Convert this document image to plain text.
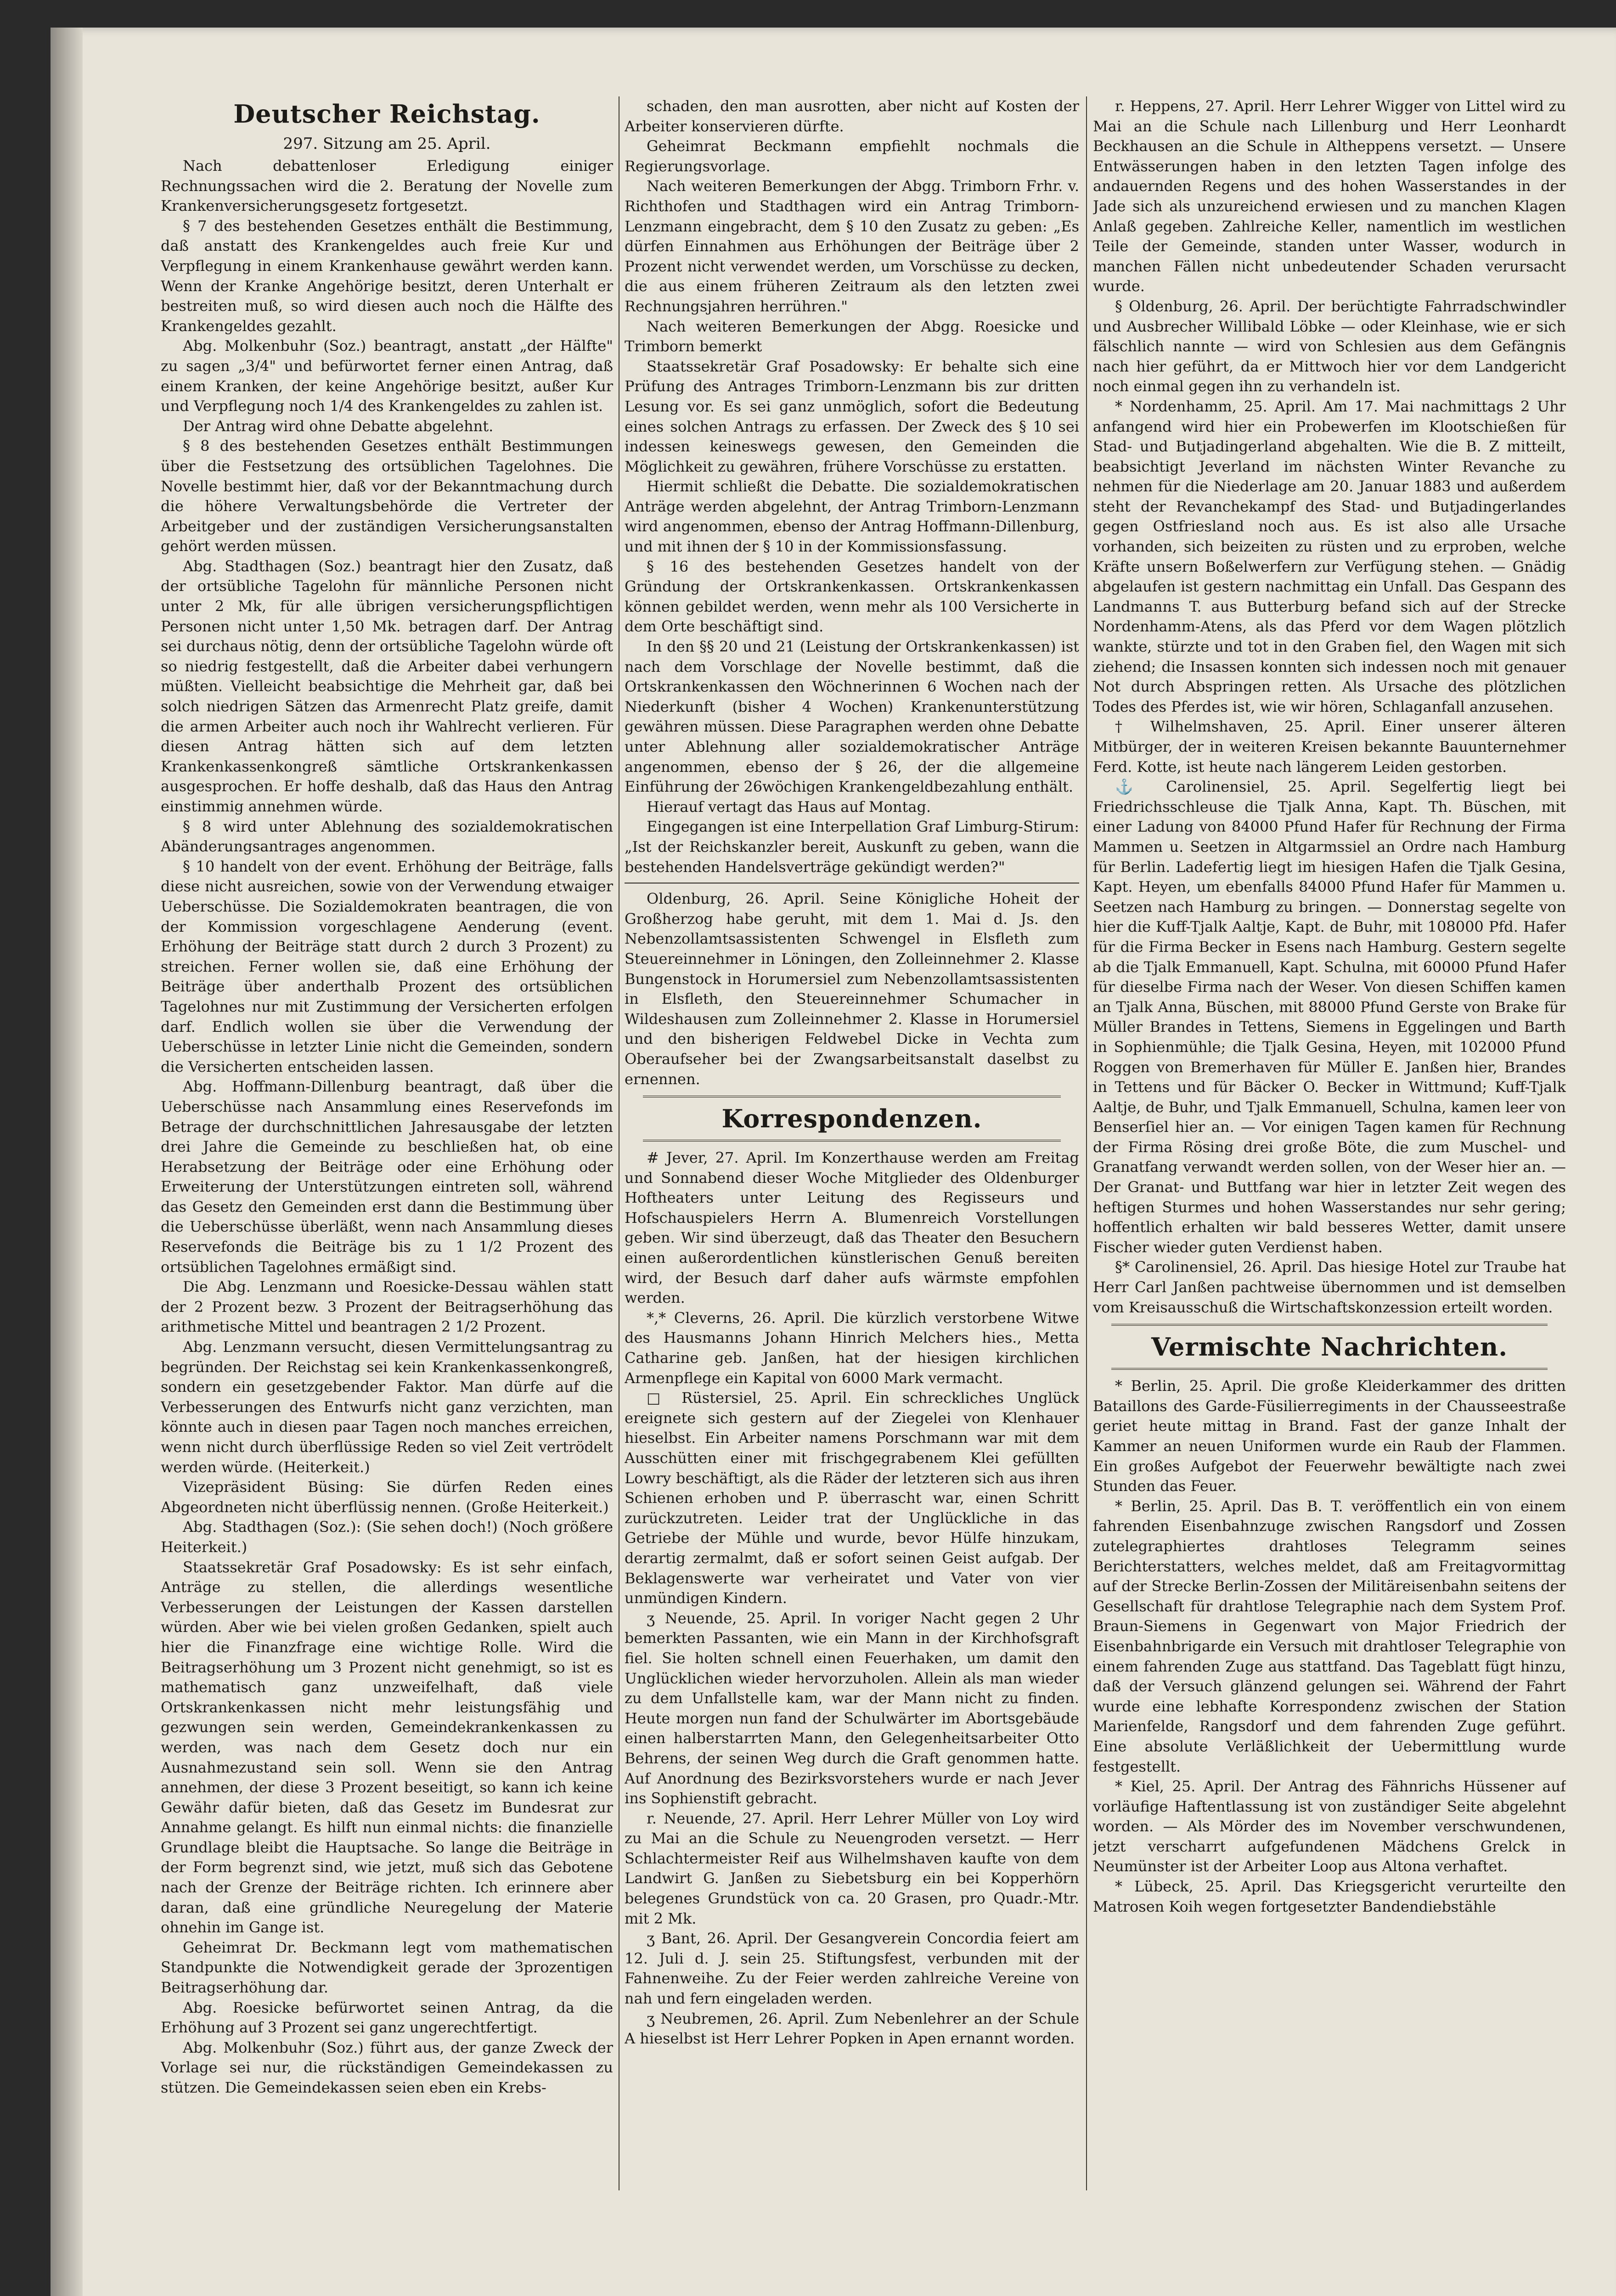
Deutscher Reichstag.
297. Sitzung am 25. April.

Nach debattenloser Erledigung einiger Rechnungssachen wird die 2. Beratung der Novelle zum Krankenversicherungsgesetz fortgesetzt.

§ 7 des bestehenden Gesetzes enthält die Bestimmung, daß anstatt des Krankengeldes auch freie Kur und Verpflegung in einem Krankenhause gewährt werden kann. Wenn der Kranke Angehörige besitzt, deren Unterhalt er bestreiten muß, so wird diesen auch noch die Hälfte des Krankengeldes gezahlt.

Abg. Molkenbuhr (Soz.) beantragt, anstatt „der Hälfte" zu sagen „3/4" und befürwortet ferner einen Antrag, daß einem Kranken, der keine Angehörige besitzt, außer Kur und Verpflegung noch 1/4 des Krankengeldes zu zahlen ist.

Der Antrag wird ohne Debatte abgelehnt.

§ 8 des bestehenden Gesetzes enthält Bestimmungen über die Festsetzung des ortsüblichen Tagelohnes. Die Novelle bestimmt hier, daß vor der Bekanntmachung durch die höhere Verwaltungsbehörde die Vertreter der Arbeitgeber und der zuständigen Versicherungsanstalten gehört werden müssen.

Abg. Stadthagen (Soz.) beantragt hier den Zusatz, daß der ortsübliche Tagelohn für männliche Personen nicht unter 2 Mk, für alle übrigen versicherungspflichtigen Personen nicht unter 1,50 Mk. betragen darf. Der Antrag sei durchaus nötig, denn der ortsübliche Tagelohn würde oft so niedrig festgestellt, daß die Arbeiter dabei verhungern müßten. Vielleicht beabsichtige die Mehrheit gar, daß bei solch niedrigen Sätzen das Armenrecht Platz greife, damit die armen Arbeiter auch noch ihr Wahlrecht verlieren. Für diesen Antrag hätten sich auf dem letzten Krankenkassenkongreß sämtliche Ortskrankenkassen ausgesprochen. Er hoffe deshalb, daß das Haus den Antrag einstimmig annehmen würde.

§ 8 wird unter Ablehnung des sozialdemokratischen Abänderungsantrages angenommen.

§ 10 handelt von der event. Erhöhung der Beiträge, falls diese nicht ausreichen, sowie von der Verwendung etwaiger Ueberschüsse. Die Sozialdemokraten beantragen, die von der Kommission vorgeschlagene Aenderung (event. Erhöhung der Beiträge statt durch 2 durch 3 Prozent) zu streichen. Ferner wollen sie, daß eine Erhöhung der Beiträge über anderthalb Prozent des ortsüblichen Tagelohnes nur mit Zustimmung der Versicherten erfolgen darf. Endlich wollen sie über die Verwendung der Ueberschüsse in letzter Linie nicht die Gemeinden, sondern die Versicherten entscheiden lassen.

Abg. Hoffmann-Dillenburg beantragt, daß über die Ueberschüsse nach Ansammlung eines Reservefonds im Betrage der durchschnittlichen Jahresausgabe der letzten drei Jahre die Gemeinde zu beschließen hat, ob eine Herabsetzung der Beiträge oder eine Erhöhung oder Erweiterung der Unterstützungen eintreten soll, während das Gesetz den Gemeinden erst dann die Bestimmung über die Ueberschüsse überläßt, wenn nach Ansammlung dieses Reservefonds die Beiträge bis zu 1 1/2 Prozent des ortsüblichen Tagelohnes ermäßigt sind.

Die Abg. Lenzmann und Roesicke-Dessau wählen statt der 2 Prozent bezw. 3 Prozent der Beitragserhöhung das arithmetische Mittel und beantragen 2 1/2 Prozent.

Abg. Lenzmann versucht, diesen Vermittelungsantrag zu begründen. Der Reichstag sei kein Krankenkassenkongreß, sondern ein gesetzgebender Faktor. Man dürfe auf die Verbesserungen des Entwurfs nicht ganz verzichten, man könnte auch in diesen paar Tagen noch manches erreichen, wenn nicht durch überflüssige Reden so viel Zeit vertrödelt werden würde. (Heiterkeit.)

Vizepräsident Büsing: Sie dürfen Reden eines Abgeordneten nicht überflüssig nennen. (Große Heiterkeit.)

Abg. Stadthagen (Soz.): (Sie sehen doch!) (Noch größere Heiterkeit.)

Staatssekretär Graf Posadowsky: Es ist sehr einfach, Anträge zu stellen, die allerdings wesentliche Verbesserungen der Leistungen der Kassen darstellen würden. Aber wie bei vielen großen Gedanken, spielt auch hier die Finanzfrage eine wichtige Rolle. Wird die Beitragserhöhung um 3 Prozent nicht genehmigt, so ist es mathematisch ganz unzweifelhaft, daß viele Ortskrankenkassen nicht mehr leistungsfähig und gezwungen sein werden, Gemeindekrankenkassen zu werden, was nach dem Gesetz doch nur ein Ausnahmezustand sein soll. Wenn sie den Antrag annehmen, der diese 3 Prozent beseitigt, so kann ich keine Gewähr dafür bieten, daß das Gesetz im Bundesrat zur Annahme gelangt. Es hilft nun einmal nichts: die finanzielle Grundlage bleibt die Hauptsache. So lange die Beiträge in der Form begrenzt sind, wie jetzt, muß sich das Gebotene nach der Grenze der Beiträge richten. Ich erinnere aber daran, daß eine gründliche Neuregelung der Materie ohnehin im Gange ist.

Geheimrat Dr. Beckmann legt vom mathematischen Standpunkte die Notwendigkeit gerade der 3prozentigen Beitragserhöhung dar.

Abg. Roesicke befürwortet seinen Antrag, da die Erhöhung auf 3 Prozent sei ganz ungerechtfertigt.

Abg. Molkenbuhr (Soz.) führt aus, der ganze Zweck der Vorlage sei nur, die rückständigen Gemeindekassen zu stützen. Die Gemeindekassen seien eben ein Krebs-

schaden, den man ausrotten, aber nicht auf Kosten der Arbeiter konservieren dürfte.

Geheimrat Beckmann empfiehlt nochmals die Regierungsvorlage.

Nach weiteren Bemerkungen der Abgg. Trimborn Frhr. v. Richthofen und Stadthagen wird ein Antrag Trimborn-Lenzmann eingebracht, dem § 10 den Zusatz zu geben: „Es dürfen Einnahmen aus Erhöhungen der Beiträge über 2 Prozent nicht verwendet werden, um Vorschüsse zu decken, die aus einem früheren Zeitraum als den letzten zwei Rechnungsjahren herrühren."

Nach weiteren Bemerkungen der Abgg. Roesicke und Trimborn bemerkt

Staatssekretär Graf Posadowsky: Er behalte sich eine Prüfung des Antrages Trimborn-Lenzmann bis zur dritten Lesung vor. Es sei ganz unmöglich, sofort die Bedeutung eines solchen Antrags zu erfassen. Der Zweck des § 10 sei indessen keineswegs gewesen, den Gemeinden die Möglichkeit zu gewähren, frühere Vorschüsse zu erstatten.

Hiermit schließt die Debatte. Die sozialdemokratischen Anträge werden abgelehnt, der Antrag Trimborn-Lenzmann wird angenommen, ebenso der Antrag Hoffmann-Dillenburg, und mit ihnen der § 10 in der Kommissionsfassung.

§ 16 des bestehenden Gesetzes handelt von der Gründung der Ortskrankenkassen. Ortskrankenkassen können gebildet werden, wenn mehr als 100 Versicherte in dem Orte beschäftigt sind.

In den §§ 20 und 21 (Leistung der Ortskrankenkassen) ist nach dem Vorschlage der Novelle bestimmt, daß die Ortskrankenkassen den Wöchnerinnen 6 Wochen nach der Niederkunft (bisher 4 Wochen) Krankenunterstützung gewähren müssen. Diese Paragraphen werden ohne Debatte unter Ablehnung aller sozialdemokratischer Anträge angenommen, ebenso der § 26, der die allgemeine Einführung der 26wöchigen Krankengeldbezahlung enthält.

Hierauf vertagt das Haus auf Montag.

Eingegangen ist eine Interpellation Graf Limburg-Stirum: „Ist der Reichskanzler bereit, Auskunft zu geben, wann die bestehenden Handelsverträge gekündigt werden?"

Oldenburg, 26. April. Seine Königliche Hoheit der Großherzog habe geruht, mit dem 1. Mai d. Js. den Nebenzollamtsassistenten Schwengel in Elsfleth zum Steuereinnehmer in Löningen, den Zolleinnehmer 2. Klasse Bungenstock in Horumersiel zum Nebenzollamtsassistenten in Elsfleth, den Steuereinnehmer Schumacher in Wildeshausen zum Zolleinnehmer 2. Klasse in Horumersiel und den bisherigen Feldwebel Dicke in Vechta zum Oberaufseher bei der Zwangsarbeitsanstalt daselbst zu ernennen.

Korrespondenzen.

# Jever, 27. April. Im Konzerthause werden am Freitag und Sonnabend dieser Woche Mitglieder des Oldenburger Hoftheaters unter Leitung des Regisseurs und Hofschauspielers Herrn A. Blumenreich Vorstellungen geben. Wir sind überzeugt, daß das Theater den Besuchern einen außerordentlichen künstlerischen Genuß bereiten wird, der Besuch darf daher aufs wärmste empfohlen werden.

*,* Cleverns, 26. April. Die kürzlich verstorbene Witwe des Hausmanns Johann Hinrich Melchers hies., Metta Catharine geb. Janßen, hat der hiesigen kirchlichen Armenpflege ein Kapital von 6000 Mark vermacht.

□ Rüstersiel, 25. April. Ein schreckliches Unglück ereignete sich gestern auf der Ziegelei von Klenhauer hieselbst. Ein Arbeiter namens Porschmann war mit dem Ausschütten einer mit frischgegrabenem Klei gefüllten Lowry beschäftigt, als die Räder der letzteren sich aus ihren Schienen erhoben und P. überrascht war, einen Schritt zurückzutreten. Leider trat der Unglückliche in das Getriebe der Mühle und wurde, bevor Hülfe hinzukam, derartig zermalmt, daß er sofort seinen Geist aufgab. Der Beklagenswerte war verheiratet und Vater von vier unmündigen Kindern.

ʒ Neuende, 25. April. In voriger Nacht gegen 2 Uhr bemerkten Passanten, wie ein Mann in der Kirchhofsgraft fiel. Sie holten schnell einen Feuerhaken, um damit den Unglücklichen wieder hervorzuholen. Allein als man wieder zu dem Unfallstelle kam, war der Mann nicht zu finden. Heute morgen nun fand der Schulwärter im Abortsgebäude einen halberstarrten Mann, den Gelegenheitsarbeiter Otto Behrens, der seinen Weg durch die Graft genommen hatte. Auf Anordnung des Bezirksvorstehers wurde er nach Jever ins Sophienstift gebracht.

r. Neuende, 27. April. Herr Lehrer Müller von Loy wird zu Mai an die Schule zu Neuengroden versetzt. — Herr Schlachtermeister Reif aus Wilhelmshaven kaufte von dem Landwirt G. Janßen zu Siebetsburg ein bei Kopperhörn belegenes Grundstück von ca. 20 Grasen, pro Quadr.-Mtr. mit 2 Mk.

ʒ Bant, 26. April. Der Gesangverein Concordia feiert am 12. Juli d. J. sein 25. Stiftungsfest, verbunden mit der Fahnenweihe. Zu der Feier werden zahlreiche Vereine von nah und fern eingeladen werden.

ʒ Neubremen, 26. April. Zum Nebenlehrer an der Schule A hieselbst ist Herr Lehrer Popken in Apen ernannt worden.

r. Heppens, 27. April. Herr Lehrer Wigger von Littel wird zu Mai an die Schule nach Lillenburg und Herr Leonhardt Beckhausen an die Schule in Altheppens versetzt. — Unsere Entwässerungen haben in den letzten Tagen infolge des andauernden Regens und des hohen Wasserstandes in der Jade sich als unzureichend erwiesen und zu manchen Klagen Anlaß gegeben. Zahlreiche Keller, namentlich im westlichen Teile der Gemeinde, standen unter Wasser, wodurch in manchen Fällen nicht unbedeutender Schaden verursacht wurde.

§ Oldenburg, 26. April. Der berüchtigte Fahrradschwindler und Ausbrecher Willibald Löbke — oder Kleinhase, wie er sich fälschlich nannte — wird von Schlesien aus dem Gefängnis nach hier geführt, da er Mittwoch hier vor dem Landgericht noch einmal gegen ihn zu verhandeln ist.

* Nordenhamm, 25. April. Am 17. Mai nachmittags 2 Uhr anfangend wird hier ein Probewerfen im Klootschießen für Stad- und Butjadingerland abgehalten. Wie die B. Z mitteilt, beabsichtigt Jeverland im nächsten Winter Revanche zu nehmen für die Niederlage am 20. Januar 1883 und außerdem steht der Revanchekampf des Stad- und Butjadingerlandes gegen Ostfriesland noch aus. Es ist also alle Ursache vorhanden, sich beizeiten zu rüsten und zu erproben, welche Kräfte unsern Boßelwerfern zur Verfügung stehen. — Gnädig abgelaufen ist gestern nachmittag ein Unfall. Das Gespann des Landmanns T. aus Butterburg befand sich auf der Strecke Nordenhamm-Atens, als das Pferd vor dem Wagen plötzlich wankte, stürzte und tot in den Graben fiel, den Wagen mit sich ziehend; die Insassen konnten sich indessen noch mit genauer Not durch Abspringen retten. Als Ursache des plötzlichen Todes des Pferdes ist, wie wir hören, Schlaganfall anzusehen.

† Wilhelmshaven, 25. April. Einer unserer älteren Mitbürger, der in weiteren Kreisen bekannte Bauunternehmer Ferd. Kotte, ist heute nach längerem Leiden gestorben.

⚓ Carolinensiel, 25. April. Segelfertig liegt bei Friedrichsschleuse die Tjalk Anna, Kapt. Th. Büschen, mit einer Ladung von 84000 Pfund Hafer für Rechnung der Firma Mammen u. Seetzen in Altgarmssiel an Ordre nach Hamburg für Berlin. Ladefertig liegt im hiesigen Hafen die Tjalk Gesina, Kapt. Heyen, um ebenfalls 84000 Pfund Hafer für Mammen u. Seetzen nach Hamburg zu bringen. — Donnerstag segelte von hier die Kuff-Tjalk Aaltje, Kapt. de Buhr, mit 108000 Pfd. Hafer für die Firma Becker in Esens nach Hamburg. Gestern segelte ab die Tjalk Emmanuell, Kapt. Schulna, mit 60000 Pfund Hafer für dieselbe Firma nach der Weser. Von diesen Schiffen kamen an Tjalk Anna, Büschen, mit 88000 Pfund Gerste von Brake für Müller Brandes in Tettens, Siemens in Eggelingen und Barth in Sophienmühle; die Tjalk Gesina, Heyen, mit 102000 Pfund Roggen von Bremerhaven für Müller E. Janßen hier, Brandes in Tettens und für Bäcker O. Becker in Wittmund; Kuff-Tjalk Aaltje, de Buhr, und Tjalk Emmanuell, Schulna, kamen leer von Benserſiel hier an. — Vor einigen Tagen kamen für Rechnung der Firma Rösing drei große Böte, die zum Muschel- und Granatfang verwandt werden sollen, von der Weser hier an. — Der Granat- und Buttfang war hier in letzter Zeit wegen des heftigen Sturmes und hohen Wasserstandes nur sehr gering; hoffentlich erhalten wir bald besseres Wetter, damit unsere Fischer wieder guten Verdienst haben.

§* Carolinensiel, 26. April. Das hiesige Hotel zur Traube hat Herr Carl Janßen pachtweise übernommen und ist demselben vom Kreisausschuß die Wirtschaftskonzession erteilt worden.

Vermischte Nachrichten.

* Berlin, 25. April. Die große Kleiderkammer des dritten Bataillons des Garde-Füsilierregiments in der Chausseestraße geriet heute mittag in Brand. Fast der ganze Inhalt der Kammer an neuen Uniformen wurde ein Raub der Flammen. Ein großes Aufgebot der Feuerwehr bewältigte nach zwei Stunden das Feuer.

* Berlin, 25. April. Das B. T. veröffentlich ein von einem fahrenden Eisenbahnzuge zwischen Rangsdorf und Zossen zutelegraphiertes drahtloses Telegramm seines Berichterstatters, welches meldet, daß am Freitagvormittag auf der Strecke Berlin-Zossen der Militäreisenbahn seitens der Gesellschaft für drahtlose Telegraphie nach dem System Prof. Braun-Siemens in Gegenwart von Major Friedrich der Eisenbahnbrigarde ein Versuch mit drahtloser Telegraphie von einem fahrenden Zuge aus stattfand. Das Tageblatt fügt hinzu, daß der Versuch glänzend gelungen sei. Während der Fahrt wurde eine lebhafte Korrespondenz zwischen der Station Marienfelde, Rangsdorf und dem fahrenden Zuge geführt. Eine absolute Verläßlichkeit der Uebermittlung wurde festgestellt.

* Kiel, 25. April. Der Antrag des Fähnrichs Hüssener auf vorläufige Haftentlassung ist von zuständiger Seite abgelehnt worden. — Als Mörder des im November verschwundenen, jetzt verscharrt aufgefundenen Mädchens Grelck in Neumünster ist der Arbeiter Loop aus Altona verhaftet.

* Lübeck, 25. April. Das Kriegsgericht verurteilte den Matrosen Koih wegen fortgesetzter Bandendiebstähle
